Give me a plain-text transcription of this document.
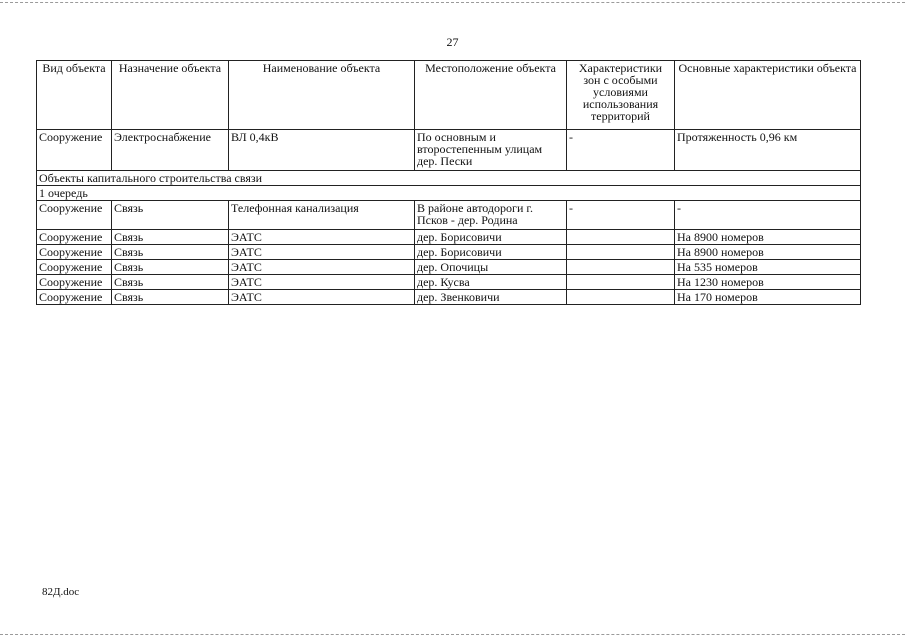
27
Вид объекта	Назначение объекта	Наименование объекта	Местоположение объекта	Характеристики зон с особыми условиями использования территорий	Основные характеристики объекта
Сооружение	Электроснабжение	ВЛ 0,4кВ	По основным и второстепенным улицам дер. Пески	-	Протяженность 0,96 км
Объекты капитального строительства связи					
1 очередь					
Сооружение	Связь	Телефонная канализация	В районе автодороги г. Псков - дер. Родина	-	-
Сооружение	Связь	ЭАТС	дер. Борисовичи		На 8900 номеров
Сооружение	Связь	ЭАТС	дер. Борисовичи		На 8900 номеров
Сооружение	Связь	ЭАТС	дер. Опочицы		На 535 номеров
Сооружение	Связь	ЭАТС	дер. Кусва		На 1230 номеров
Сооружение	Связь	ЭАТС	дер. Звенковичи		На 170 номеров
82Д.doc
